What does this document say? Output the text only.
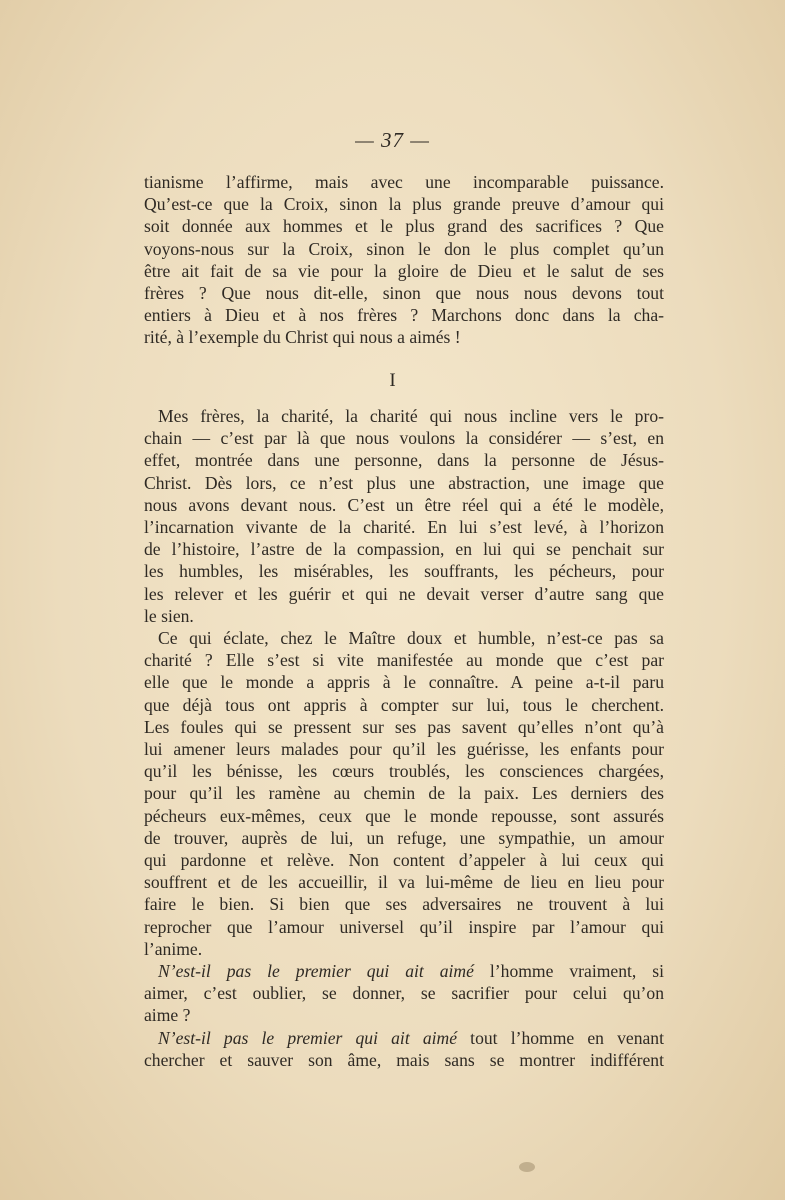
— 37 —
tianisme l’affirme, mais avec une incomparable puissance.
Qu’est-ce que la Croix, sinon la plus grande preuve d’amour qui
soit donnée aux hommes et le plus grand des sacrifices ? Que
voyons-nous sur la Croix, sinon le don le plus complet qu’un
être ait fait de sa vie pour la gloire de Dieu et le salut de ses
frères ? Que nous dit-elle, sinon que nous nous devons tout
entiers à Dieu et à nos frères ? Marchons donc dans la cha-
rité, à l’exemple du Christ qui nous a aimés !
I
Mes frères, la charité, la charité qui nous incline vers le pro-
chain — c’est par là que nous voulons la considérer — s’est, en
effet, montrée dans une personne, dans la personne de Jésus-
Christ. Dès lors, ce n’est plus une abstraction, une image que
nous avons devant nous. C’est un être réel qui a été le modèle,
l’incarnation vivante de la charité. En lui s’est levé, à l’horizon
de l’histoire, l’astre de la compassion, en lui qui se penchait sur
les humbles, les misérables, les souffrants, les pécheurs, pour
les relever et les guérir et qui ne devait verser d’autre sang que
le sien.
Ce qui éclate, chez le Maître doux et humble, n’est-ce pas sa
charité ? Elle s’est si vite manifestée au monde que c’est par
elle que le monde a appris à le connaître. A peine a-t-il paru
que déjà tous ont appris à compter sur lui, tous le cherchent.
Les foules qui se pressent sur ses pas savent qu’elles n’ont qu’à
lui amener leurs malades pour qu’il les guérisse, les enfants pour
qu’il les bénisse, les cœurs troublés, les consciences chargées,
pour qu’il les ramène au chemin de la paix. Les derniers des
pécheurs eux-mêmes, ceux que le monde repousse, sont assurés
de trouver, auprès de lui, un refuge, une sympathie, un amour
qui pardonne et relève. Non content d’appeler à lui ceux qui
souffrent et de les accueillir, il va lui-même de lieu en lieu pour
faire le bien. Si bien que ses adversaires ne trouvent à lui
reprocher que l’amour universel qu’il inspire par l’amour qui
l’anime.
N’est-il pas le premier qui ait aimé l’homme vraiment, si
aimer, c’est oublier, se donner, se sacrifier pour celui qu’on
aime ?
N’est-il pas le premier qui ait aimé tout l’homme en venant
chercher et sauver son âme, mais sans se montrer indifférent
